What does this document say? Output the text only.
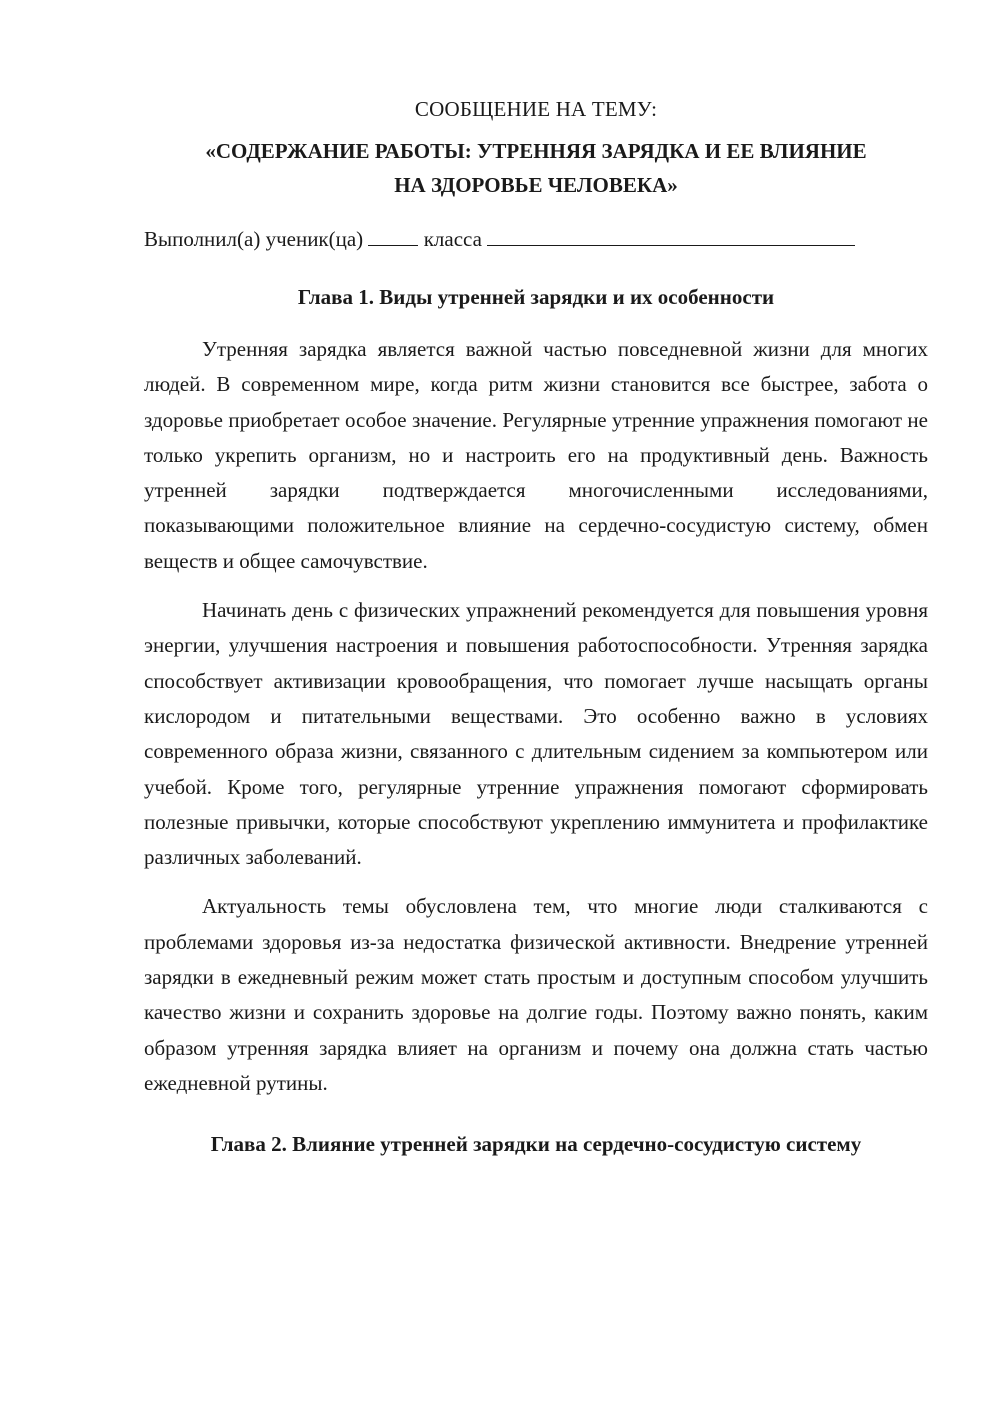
СООБЩЕНИЕ НА ТЕМУ:

«СОДЕРЖАНИЕ РАБОТЫ: УТРЕННЯЯ ЗАРЯДКА И ЕЕ ВЛИЯНИЕ
НА ЗДОРОВЬЕ ЧЕЛОВЕКА»

Выполнил(а) ученик(ца)	класса

Глава 1. Виды утренней зарядки и их особенности

Утренняя зарядка является важной частью повседневной жизни для многих людей. В современном мире, когда ритм жизни становится все быстрее, забота о здоровье приобретает особое значение. Регулярные утренние упражнения помогают не только укрепить организм, но и настроить его на продуктивный день. Важность утренней зарядки подтверждается многочисленными исследованиями, показывающими положительное влияние на сердечно-сосудистую систему, обмен веществ и общее самочувствие.

Начинать день с физических упражнений рекомендуется для повышения уровня энергии, улучшения настроения и повышения работоспособности. Утренняя зарядка способствует активизации кровообращения, что помогает лучше насыщать органы кислородом и питательными веществами. Это особенно важно в условиях современного образа жизни, связанного с длительным сидением за компьютером или учебой. Кроме того, регулярные утренние упражнения помогают сформировать полезные привычки, которые способствуют укреплению иммунитета и профилактике различных заболеваний.

Актуальность темы обусловлена тем, что многие люди сталкиваются с проблемами здоровья из-за недостатка физической активности. Внедрение утренней зарядки в ежедневный режим может стать простым и доступным способом улучшить качество жизни и сохранить здоровье на долгие годы. Поэтому важно понять, каким образом утренняя зарядка влияет на организм и почему она должна стать частью ежедневной рутины.

Глава 2. Влияние утренней зарядки на сердечно-сосудистую систему
